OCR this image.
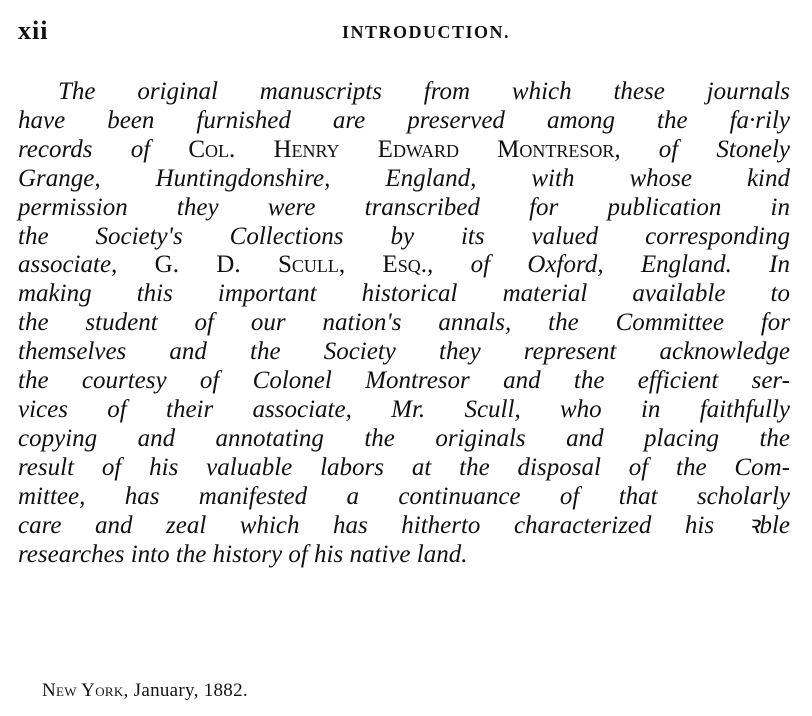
xii	INTRODUCTION.
The original manuscripts from which these journals
have been furnished are preserved among the fa·rily
records of Col. Henry Edward Montresor, of Stonely
Grange, Huntingdonshire, England, with whose kind
permission they were transcribed for publication in
the Society's Collections by its valued corresponding
associate, G. D. Scull, Esq., of Oxford, England. In
making this important historical material available to
the student of our nation's annals, the Committee for
themselves and the Society they represent acknowledge
the courtesy of Colonel Montresor and the efficient ser-
vices of their associate, Mr. Scull, who in faithfully
copying and annotating the originals and placing the
result of his valuable labors at the disposal of the Com-
mittee, has manifested a continuance of that scholarly
care and zeal which has hitherto characterized his ꝛble
researches into the history of his native land.
New York, January, 1882.
